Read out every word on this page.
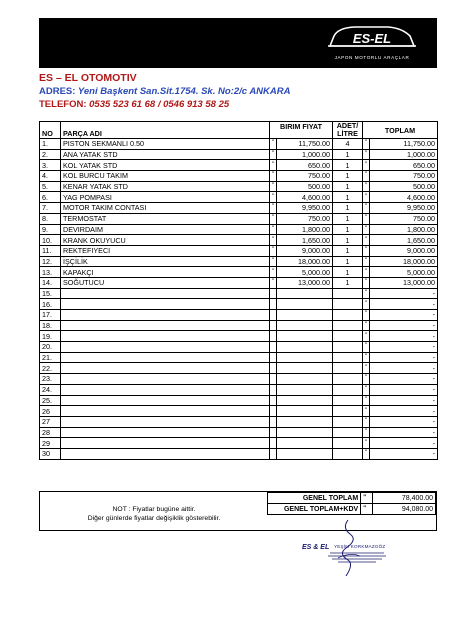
ES-EL
JAPON MOTORLU ARAÇLAR
ES – EL OTOMOTIV
ADRES: Yeni Başkent San.Sit.1754. Sk. No:2/c ANKARA
TELEFON: 0535 523 61 68 / 0546 913 58 25
NO	PARÇA ADI	BIRIM FIYAT		ADET/ LİTRE	TOPLAM	
1.	PISTON SEKMANLI 0.50	"	11,750.00	4	"	11,750.00
2.	ANA YATAK STD	"	1,000.00	1	"	1,000.00
3.	KOL YATAK STD	"	650.00	1	"	650.00
4.	KOL BURCU TAKIM	"	750.00	1	"	750.00
5.	KENAR YATAK STD	"	500.00	1	"	500.00
6.	YAG POMPASI	"	4,600.00	1	"	4,600.00
7.	MOTOR TAKIM CONTASI	"	9,950.00	1	"	9,950.00
8.	TERMOSTAT	"	750.00	1	"	750.00
9.	DEVIRDAIM	"	1,800.00	1	"	1,800.00
10.	KRANK OKUYUCU	"	1,650.00	1	"	1,650.00
11.	REKTEFIYECI	"	9,000.00	1	"	9,000.00
12.	İŞÇİLİK	"	18,000.00	1	"	18,000.00
13.	KAPAKÇI	"	5,000.00	1	"	5,000.00
14.	SOĞUTUCU	"	13,000.00	1	"	13,000.00
15.					"	-
16.					"	-
17.					"	-
18.					"	-
19.					"	-
20.					"	-
21.					"	-
22.					"	-
23.					"	-
24.					"	-
25.					"	-
26					"	-
27					"	-
28					"	-
29					"	-
30					"	-
NOT : Fiyatlar bugüne aittir.
Diğer günlerde fiyatlar değişiklik gösterebilir.
GENEL TOPLAM	"	78,400.00
GENEL TOPLAM+KDV	"	94,080.00
ES & EL YEŞİM KORKMAZGÖZ
